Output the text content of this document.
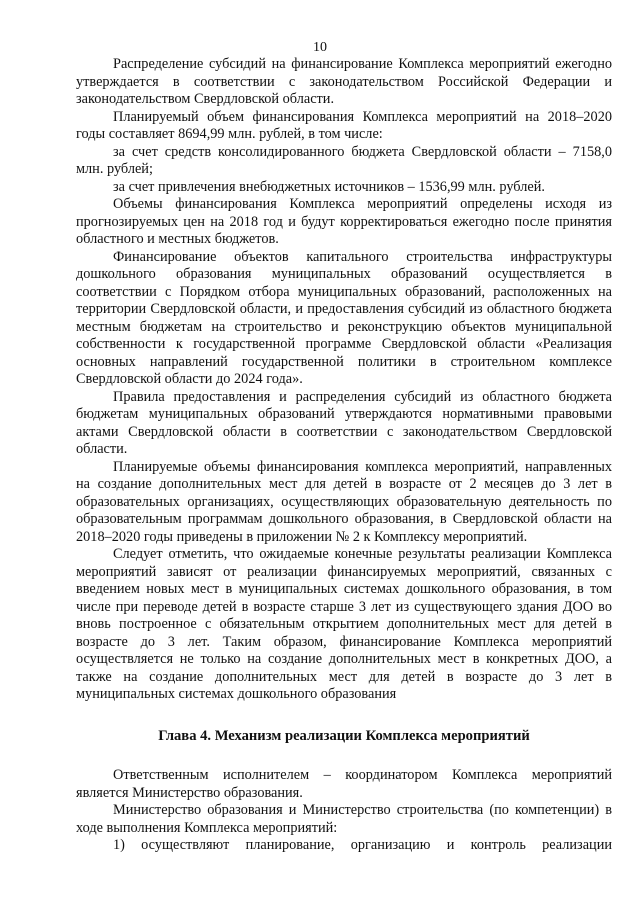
10

Распределение субсидий на финансирование Комплекса мероприятий ежегодно утверждается в соответствии с законодательством Российской Федерации и законодательством Свердловской области.

Планируемый объем финансирования Комплекса мероприятий на 2018–2020 годы составляет 8694,99 млн. рублей, в том числе:

за счет средств консолидированного бюджета Свердловской области – 7158,0 млн. рублей;

за счет привлечения внебюджетных источников – 1536,99 млн. рублей.

Объемы финансирования Комплекса мероприятий определены исходя из прогнозируемых цен на 2018 год и будут корректироваться ежегодно после принятия областного и местных бюджетов.

Финансирование объектов капитального строительства инфраструктуры дошкольного образования муниципальных образований осуществляется в соответствии с Порядком отбора муниципальных образований, расположенных на территории Свердловской области, и предоставления субсидий из областного бюджета местным бюджетам на строительство и реконструкцию объектов муниципальной собственности к государственной программе Свердловской области «Реализация основных направлений государственной политики в строительном комплексе Свердловской области до 2024 года».

Правила предоставления и распределения субсидий из областного бюджета бюджетам муниципальных образований утверждаются нормативными правовыми актами Свердловской области в соответствии с законодательством Свердловской области.

Планируемые объемы финансирования комплекса мероприятий, направленных на создание дополнительных мест для детей в возрасте от 2 месяцев до 3 лет в образовательных организациях, осуществляющих образовательную деятельность по образовательным программам дошкольного образования, в Свердловской области на 2018–2020 годы приведены в приложении № 2 к Комплексу мероприятий.

Следует отметить, что ожидаемые конечные результаты реализации Комплекса мероприятий зависят от реализации финансируемых мероприятий, связанных с введением новых мест в муниципальных системах дошкольного образования, в том числе при переводе детей в возрасте старше 3 лет из существующего здания ДОО во вновь построенное с обязательным открытием дополнительных мест для детей в возрасте до 3 лет. Таким образом, финансирование Комплекса мероприятий осуществляется не только на создание дополнительных мест в конкретных ДОО, а также на создание дополнительных мест для детей в возрасте до 3 лет в муниципальных системах дошкольного образования

Глава 4. Механизм реализации Комплекса мероприятий

Ответственным исполнителем – координатором Комплекса мероприятий является Министерство образования.

Министерство образования и Министерство строительства (по компетенции) в ходе выполнения Комплекса мероприятий:

1) осуществляют планирование, организацию и контроль реализации
